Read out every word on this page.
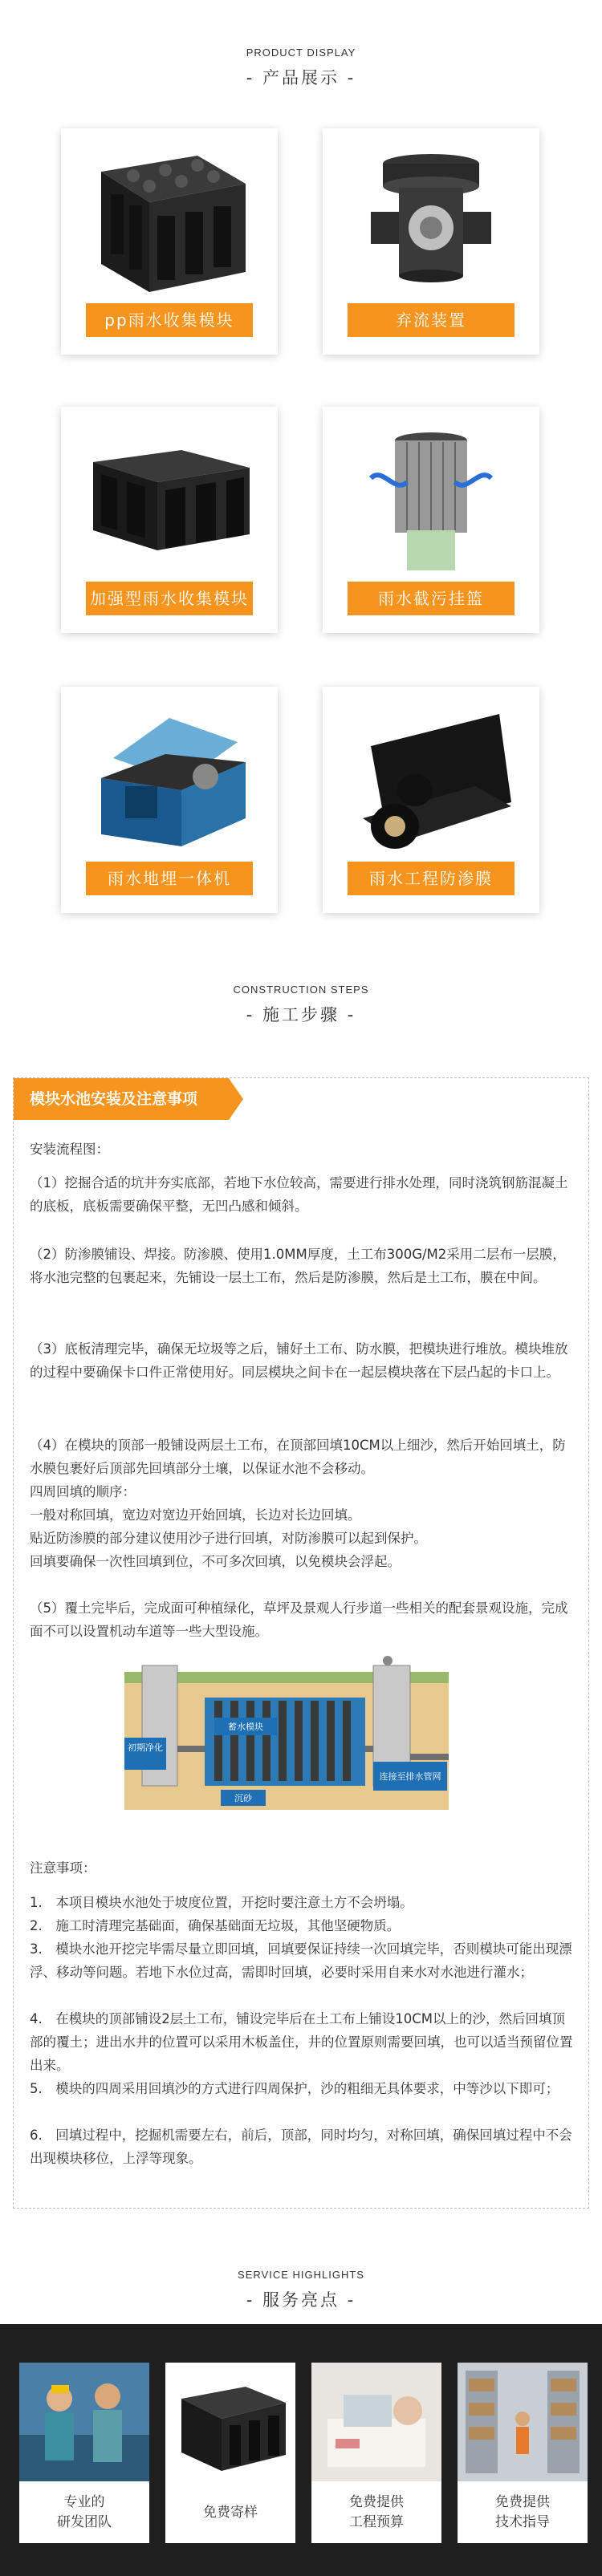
PRODUCT DISPLAY
- 产品展示 -
pp雨水收集模块	弃流装置
加强型雨水收集模块	雨水截污挂篮
雨水地埋一体机	雨水工程防渗膜
CONSTRUCTION STEPS
- 施工步骤 -
模块水池安装及注意事项
安装流程图：
（1）挖掘合适的坑井夯实底部，若地下水位较高，需要进行排水处理，同时浇筑钢筋混凝土的底板，底板需要确保平整，无凹凸感和倾斜。
（2）防渗膜铺设、焊接。防渗膜、使用1.0MM厚度，土工布300G/M2采用二层布一层膜，将水池完整的包裹起来，先铺设一层土工布，然后是防渗膜，然后是土工布，膜在中间。
（3）底板清理完毕，确保无垃圾等之后，铺好土工布、防水膜，把模块进行堆放。模块堆放的过程中要确保卡口件正常使用好。同层模块之间卡在一起层模块落在下层凸起的卡口上。
（4）在模块的顶部一般铺设两层土工布，在顶部回填10CM以上细沙，然后开始回填土，防水膜包裹好后顶部先回填部分土壤，以保证水池不会移动。
四周回填的顺序：
一般对称回填，宽边对宽边开始回填，长边对长边回填。
贴近防渗膜的部分建议使用沙子进行回填，对防渗膜可以起到保护。
回填要确保一次性回填到位，不可多次回填，以免模块会浮起。
（5）覆土完毕后，完成面可种植绿化，草坪及景观人行步道一些相关的配套景观设施，完成面不可以设置机动车道等一些大型设施。
初期净化
蓄水模块
沉砂
连接至排水管网
注意事项：
1.　本项目模块水池处于坡度位置，开挖时要注意土方不会坍塌。
2.　施工时清理完基础面，确保基础面无垃圾，其他坚硬物质。
3.　模块水池开挖完毕需尽量立即回填，回填要保证持续一次回填完毕，否则模块可能出现漂浮、移动等问题。若地下水位过高，需即时回填，必要时采用自来水对水池进行灌水；
4.　在模块的顶部铺设2层土工布，铺设完毕后在土工布上铺设10CM以上的沙，然后回填顶部的覆土；进出水井的位置可以采用木板盖住，井的位置原则需要回填，也可以适当预留位置出来。
5.　模块的四周采用回填沙的方式进行四周保护，沙的粗细无具体要求，中等沙以下即可；
6.　回填过程中，挖掘机需要左右，前后，顶部，同时均匀，对称回填，确保回填过程中不会出现模块移位，上浮等现象。
SERVICE HIGHLIGHTS
- 服务亮点 -
专业的
研发团队
免费寄样
免费提供
工程预算
免费提供
技术指导
